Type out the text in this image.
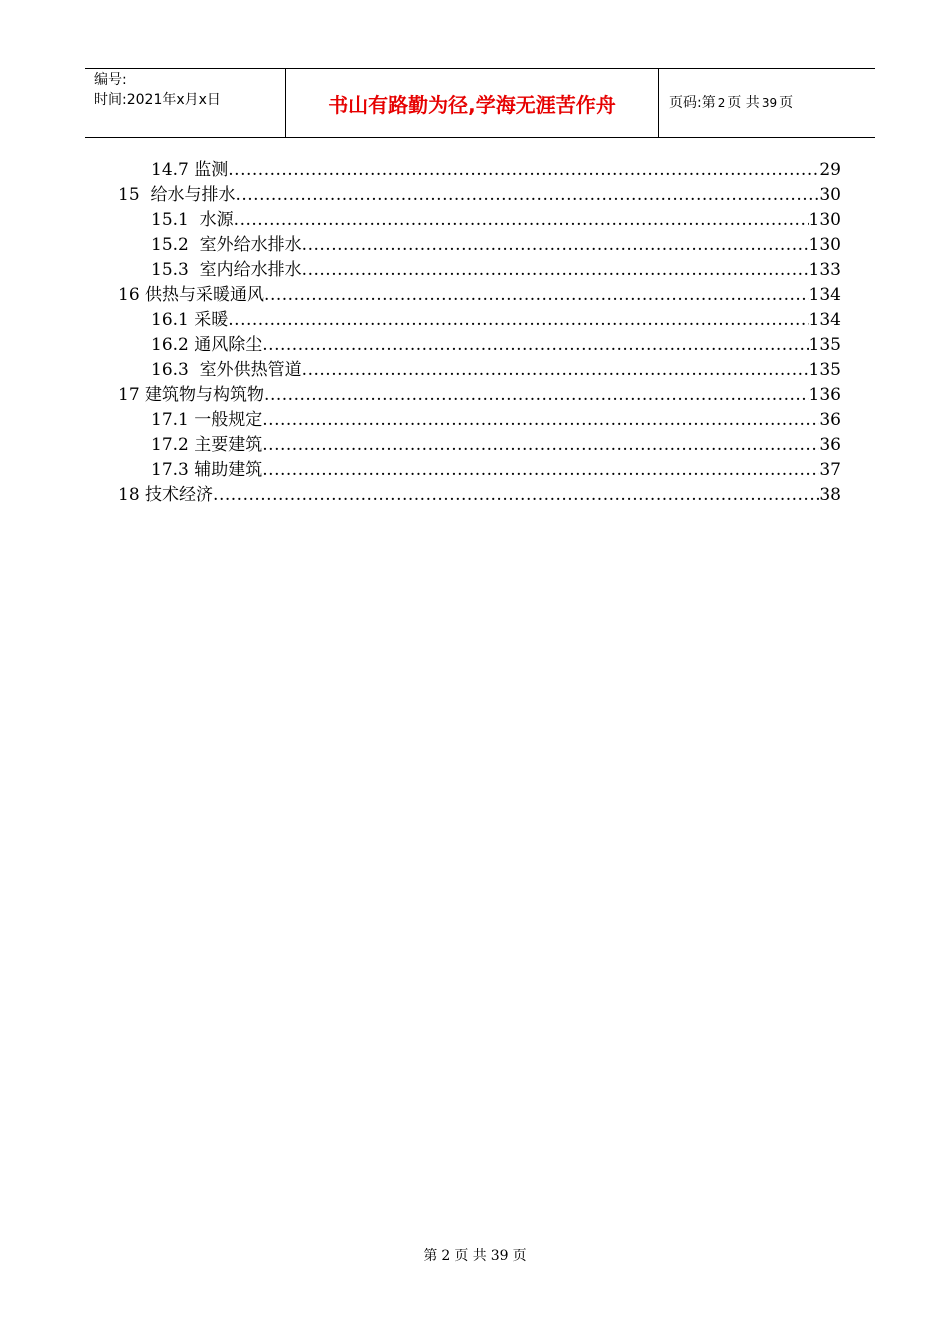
编号:
时间:2021年x月x日	书山有路勤为径,学海无涯苦作舟	页码:第 2 页 共 39 页
14.7 监测 .....	29
15  给水与排水 .....	30
15.1  水源 .....	130
15.2  室外给水排水 .....	130
15.3  室内给水排水 .....	133
16 供热与采暖通风 .....	134
16.1 采暖 .....	134
16.2 通风除尘 .....	135
16.3  室外供热管道 .....	135
17 建筑物与构筑物 .....	136
17.1 一般规定 .....	36
17.2 主要建筑 .....	36
17.3 辅助建筑 .....	37
18 技术经济 .....	38
第 2 页 共 39 页
